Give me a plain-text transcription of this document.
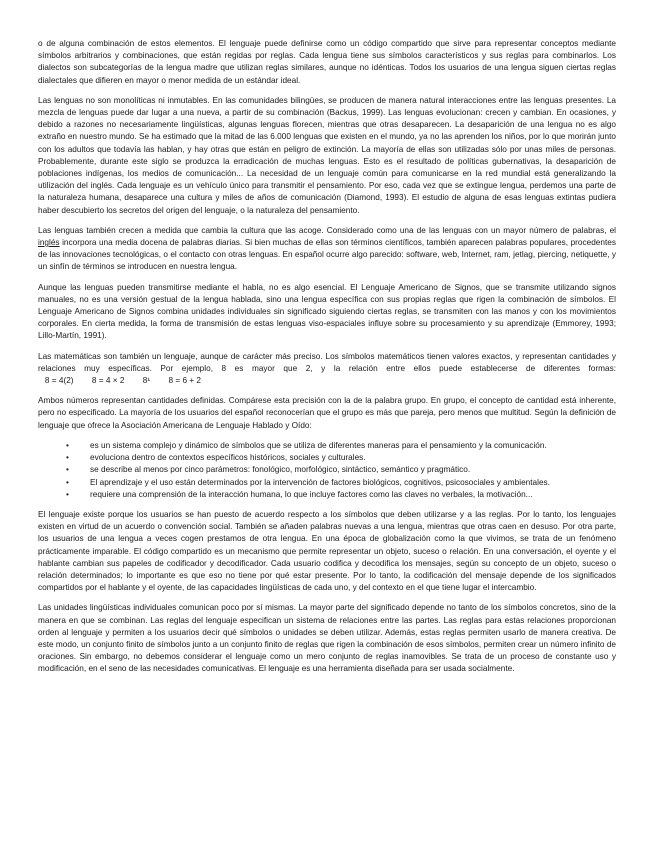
o de alguna combinación de estos elementos. El lenguaje puede definirse como un código compartido que sirve para representar conceptos mediante símbolos arbitrarios y combinaciones, que están regidas por reglas. Cada lengua tiene sus símbolos característicos y sus reglas para combinarlos. Los dialectos son subcategorías de la lengua madre que utilizan reglas similares, aunque no idénticas. Todos los usuarios de una lengua siguen ciertas reglas dialectales que difieren en mayor o menor medida de un estándar ideal.

Las lenguas no son monolíticas ni inmutables. En las comunidades bilingües, se producen de manera natural interacciones entre las lenguas presentes. La mezcla de lenguas puede dar lugar a una nueva, a partir de su combinación (Backus, 1999). Las lenguas evolucionan: crecen y cambian. En ocasiones, y debido a razones no necesariamente lingüísticas, algunas lenguas florecen, mientras que otras desaparecen. La desaparición de una lengua no es algo extraño en nuestro mundo. Se ha estimado que la mitad de las 6.000 lenguas que existen en el mundo, ya no las aprenden los niños, por lo que morirán junto con los adultos que todavía las hablan, y hay otras que están en peligro de extinción. La mayoría de ellas son utilizadas sólo por unas miles de personas. Probablemente, durante este siglo se produzca la erradicación de muchas lenguas. Esto es el resultado de políticas gubernativas, la desaparición de poblaciones indígenas, los medios de comunicación... La necesidad de un lenguaje común para comunicarse en la red mundial está generalizando la utilización del inglés. Cada lenguaje es un vehículo único para transmitir el pensamiento. Por eso, cada vez que se extingue lengua, perdemos una parte de la naturaleza humana, desaparece una cultura y miles de años de comunicación (Diamond, 1993). El estudio de alguna de esas lenguas extintas pudiera haber descubierto los secretos del origen del lenguaje, o la naturaleza del pensamiento.

Las lenguas también crecen a medida que cambia la cultura que las acoge. Considerado como una de las lenguas con un mayor número de palabras, el inglés incorpora una media docena de palabras diarias. Si bien muchas de ellas son términos científicos, también aparecen palabras populares, procedentes de las innovaciones tecnológicas, o el contacto con otras lenguas. En español ocurre algo parecido: software, web, Internet, ram, jetlag, piercing, netiquette, y un sinfín de términos se introducen en nuestra lengua.

Aunque las lenguas pueden transmitirse mediante el habla, no es algo esencial. El Lenguaje Americano de Signos, que se transmite utilizando signos manuales, no es una versión gestual de la lengua hablada, sino una lengua específica con sus propias reglas que rigen la combinación de símbolos. El Lenguaje Americano de Signos combina unidades individuales sin significado siguiendo ciertas reglas, se transmiten con las manos y con los movimientos corporales. En cierta medida, la forma de transmisión de estas lenguas viso-espaciales influye sobre su procesamiento y su aprendizaje (Emmorey, 1993; Lillo-Martín, 1991).

Las matemáticas son también un lenguaje, aunque de carácter más preciso. Los símbolos matemáticos tienen valores exactos, y representan cantidades y relaciones muy específicas. Por ejemplo, 8 es mayor que 2, y la relación entre ellos puede establecerse de diferentes formas:   8 = 4(2)        8 = 4 × 2        8¹        8 = 6 + 2

Ambos números representan cantidades definidas. Compárese esta precisión con la de la palabra grupo. En grupo, el concepto de cantidad está inherente, pero no especificado. La mayoría de los usuarios del español reconocerían que el grupo es más que pareja, pero menos que multitud. Según la definición de lenguaje que ofrece la Asociación Americana de Lenguaje Hablado y Oído:

•	es un sistema complejo y dinámico de símbolos que se utiliza de diferentes maneras para el pensamiento y la comunicación.
•	evoluciona dentro de contextos específicos históricos, sociales y culturales.
•	se describe al menos por cinco parámetros: fonológico, morfológico, sintáctico, semántico y pragmático.
•	El aprendizaje y el uso están determinados por la intervención de factores biológicos, cognitivos, psicosociales y ambientales.
•	requiere una comprensión de la interacción humana, lo que incluye factores como las claves no verbales, la motivación...

El lenguaje existe porque los usuarios se han puesto de acuerdo respecto a los símbolos que deben utilizarse y a las reglas. Por lo tanto, los lenguajes existen en virtud de un acuerdo o convención social. También se añaden palabras nuevas a una lengua, mientras que otras caen en desuso. Por otra parte, los usuarios de una lengua a veces cogen prestamos de otra lengua. En una época de globalización como la que vivimos, se trata de un fenómeno prácticamente imparable. El código compartido es un mecanismo que permite representar un objeto, suceso o relación. En una conversación, el oyente y el hablante cambian sus papeles de codificador y decodificador. Cada usuario codifica y decodifica los mensajes, según su concepto de un objeto, suceso o relación determinados; lo importante es que eso no tiene por qué estar presente. Por lo tanto, la codificación del mensaje depende de los significados compartidos por el hablante y el oyente, de las capacidades lingüísticas de cada uno, y del contexto en el que tiene lugar el intercambio.

Las unidades lingüísticas individuales comunican poco por sí mismas. La mayor parte del significado depende no tanto de los símbolos concretos, sino de la manera en que se combinan. Las reglas del lenguaje especifican un sistema de relaciones entre las partes. Las reglas para estas relaciones proporcionan orden al lenguaje y permiten a los usuarios decir qué símbolos o unidades se deben utilizar. Además, estas reglas permiten usarlo de manera creativa. De este modo, un conjunto finito de símbolos junto a un conjunto finito de reglas que rigen la combinación de esos símbolos, permiten crear un número infinito de oraciones. Sin embargo, no debemos considerar el lenguaje como un mero conjunto de reglas inamovibles. Se trata de un proceso de constante uso y modificación, en el seno de las necesidades comunicativas. El lenguaje es una herramienta diseñada para ser usada socialmente.
